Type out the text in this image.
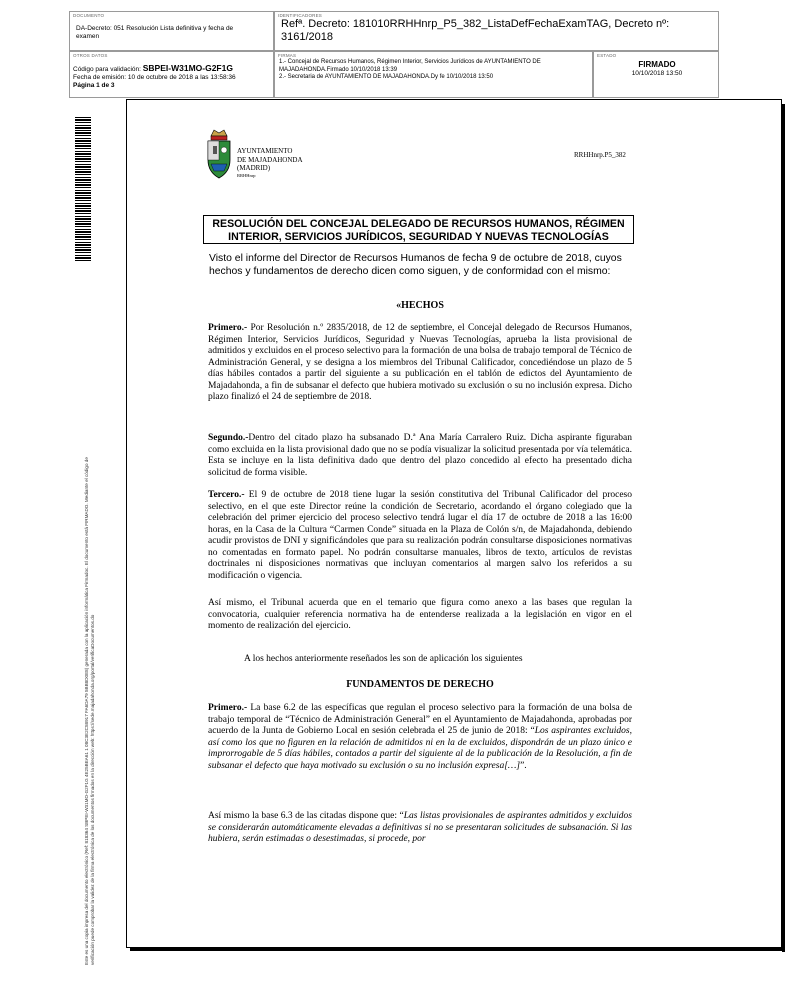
DOCUMENTO
DA-Decreto: 051 Resolución Lista definitiva y fecha de examen
IDENTIFICADORES
Refª. Decreto: 181010RRHHnrp_P5_382_ListaDefFechaExamTAG, Decreto nº: 3161/2018
OTROS DATOS
Código para validación: SBPEI-W31MO-G2F1G
Fecha de emisión: 10 de octubre de 2018 a las 13:58:36
Página 1 de 3
FIRMAS
1.- Concejal de Recursos Humanos, Régimen Interior, Servicios Jurídicos de AYUNTAMIENTO DE MAJADAHONDA.Firmado 10/10/2018 13:39
2.- Secretaria de AYUNTAMIENTO DE MAJADAHONDA.Dy fe 10/10/2018 13:50
ESTADO
FIRMADO
10/10/2018 13:50
Este es una copia impresa del documento electrónico (Ref: 818364 SBPEI-W31MO-G2F1G 4E25BEA61 1 08C3E2C58917 FA6DA79 5BB8D0E8) generada con la aplicación informática Firmadoc. El documento está FIRMADO. Mediante el código de verificación puede comprobar la validez de la firma electrónica de los documentos firmados en la dirección web: https://sede.majadahonda.org/portal/verificaDocumentos.do
AYUNTAMIENTO
DE MAJADAHONDA
(MADRID)
RRHHnrp
RRHHnrp.P5_382
RESOLUCIÓN DEL CONCEJAL DELEGADO DE RECURSOS HUMANOS, RÉGIMEN INTERIOR, SERVICIOS JURÍDICOS, SEGURIDAD Y NUEVAS TECNOLOGÍAS
Visto el informe del Director de Recursos Humanos de fecha 9 de octubre de 2018, cuyos hechos y fundamentos de derecho dicen como siguen, y de conformidad con el mismo:
«HECHOS
Primero.- Por Resolución n.º 2835/2018, de 12 de septiembre, el Concejal delegado de Recursos Humanos, Régimen Interior, Servicios Jurídicos, Seguridad y Nuevas Tecnologías, aprueba la lista provisional de admitidos y excluidos en el proceso selectivo para la formación de una bolsa de trabajo temporal de Técnico de Administración General, y se designa a los miembros del Tribunal Calificador, concediéndose un plazo de 5 días hábiles contados a partir del siguiente a su publicación en el tablón de edictos del Ayuntamiento de Majadahonda, a fin de subsanar el defecto que hubiera motivado su exclusión o su no inclusión expresa. Dicho plazo finalizó el 24 de septiembre de 2018.
Segundo.-Dentro del citado plazo ha subsanado D.ª Ana María Carralero Ruiz. Dicha aspirante figuraban como excluida en la lista provisional dado que no se podía visualizar la solicitud presentada por vía telemática. Esta se incluye en la lista definitiva dado que dentro del plazo concedido al efecto ha presentado dicha solicitud de forma visible.
Tercero.- El 9 de octubre de 2018 tiene lugar la sesión constitutiva del Tribunal Calificador del proceso selectivo, en el que este Director reúne la condición de Secretario, acordando el órgano colegiado que la celebración del primer ejercicio del proceso selectivo tendrá lugar el día 17 de octubre de 2018 a las 16:00 horas, en la Casa de la Cultura “Carmen Conde” situada en la Plaza de Colón s/n, de Majadahonda, debiendo acudir provistos de DNI y significándoles que para su realización podrán consultarse disposiciones normativas no comentadas en formato papel. No podrán consultarse manuales, libros de texto, artículos de revistas doctrinales ni disposiciones normativas que incluyan comentarios al margen salvo los referidos a su modificación o vigencia.
Así mismo, el Tribunal acuerda que en el temario que figura como anexo a las bases que regulan la convocatoria, cualquier referencia normativa ha de entenderse realizada a la legislación en vigor en el momento de realización del ejercicio.
A los hechos anteriormente reseñados les son de aplicación los siguientes
FUNDAMENTOS DE DERECHO
Primero.- La base 6.2 de las específicas que regulan el proceso selectivo para la formación de una bolsa de trabajo temporal de “Técnico de Administración General” en el Ayuntamiento de Majadahonda, aprobadas por acuerdo de la Junta de Gobierno Local en sesión celebrada el 25 de junio de 2018: “Los aspirantes excluidos, así como los que no figuren en la relación de admitidos ni en la de excluidos, dispondrán de un plazo único e improrrogable de 5 días hábiles, contados a partir del siguiente al de la publicación de la Resolución, a fin de subsanar el defecto que haya motivado su exclusión o su no inclusión expresa[…]”.
Así mismo la base 6.3 de las citadas dispone que: “Las listas provisionales de aspirantes admitidos y excluidos se considerarán automáticamente elevadas a definitivas si no se presentaran solicitudes de subsanación. Si las hubiera, serán estimadas o desestimadas, si procede, por
